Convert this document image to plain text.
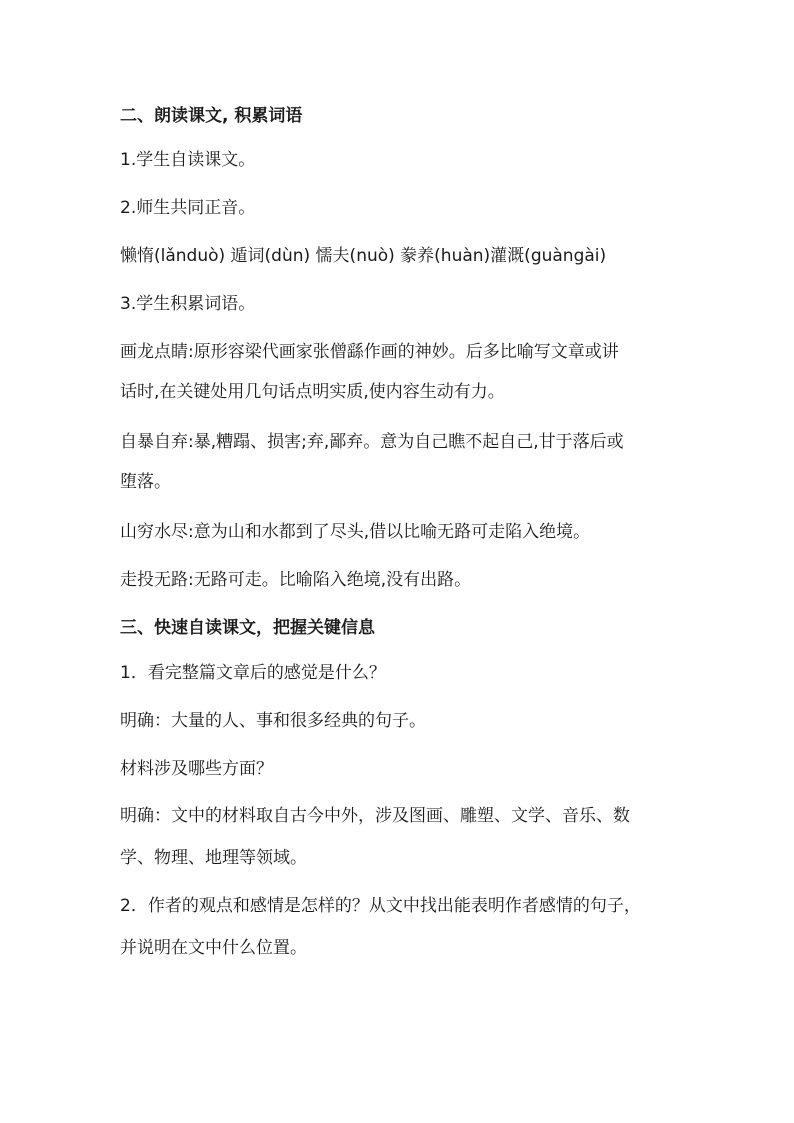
二、朗读课文, 积累词语

1.学生自读课文。

2.师生共同正音。

懒惰(lǎnduò) 遁词(dùn) 懦夫(nuò) 豢养(huàn)灌溉(guàngài)

3.学生积累词语。

画龙点睛:原形容梁代画家张僧繇作画的神妙。后多比喻写文章或讲

话时,在关键处用几句话点明实质,使内容生动有力。

自暴自弃:暴,糟蹋、损害;弃,鄙弃。意为自己瞧不起自己,甘于落后或

堕落。

山穷水尽:意为山和水都到了尽头,借以比喻无路可走陷入绝境。

走投无路:无路可走。比喻陷入绝境,没有出路。

三、快速自读课文，把握关键信息

1．看完整篇文章后的感觉是什么？

明确：大量的人、事和很多经典的句子。

材料涉及哪些方面？

明确：文中的材料取自古今中外，涉及图画、雕塑、文学、音乐、数

学、物理、地理等领域。

2．作者的观点和感情是怎样的？从文中找出能表明作者感情的句子，

并说明在文中什么位置。
